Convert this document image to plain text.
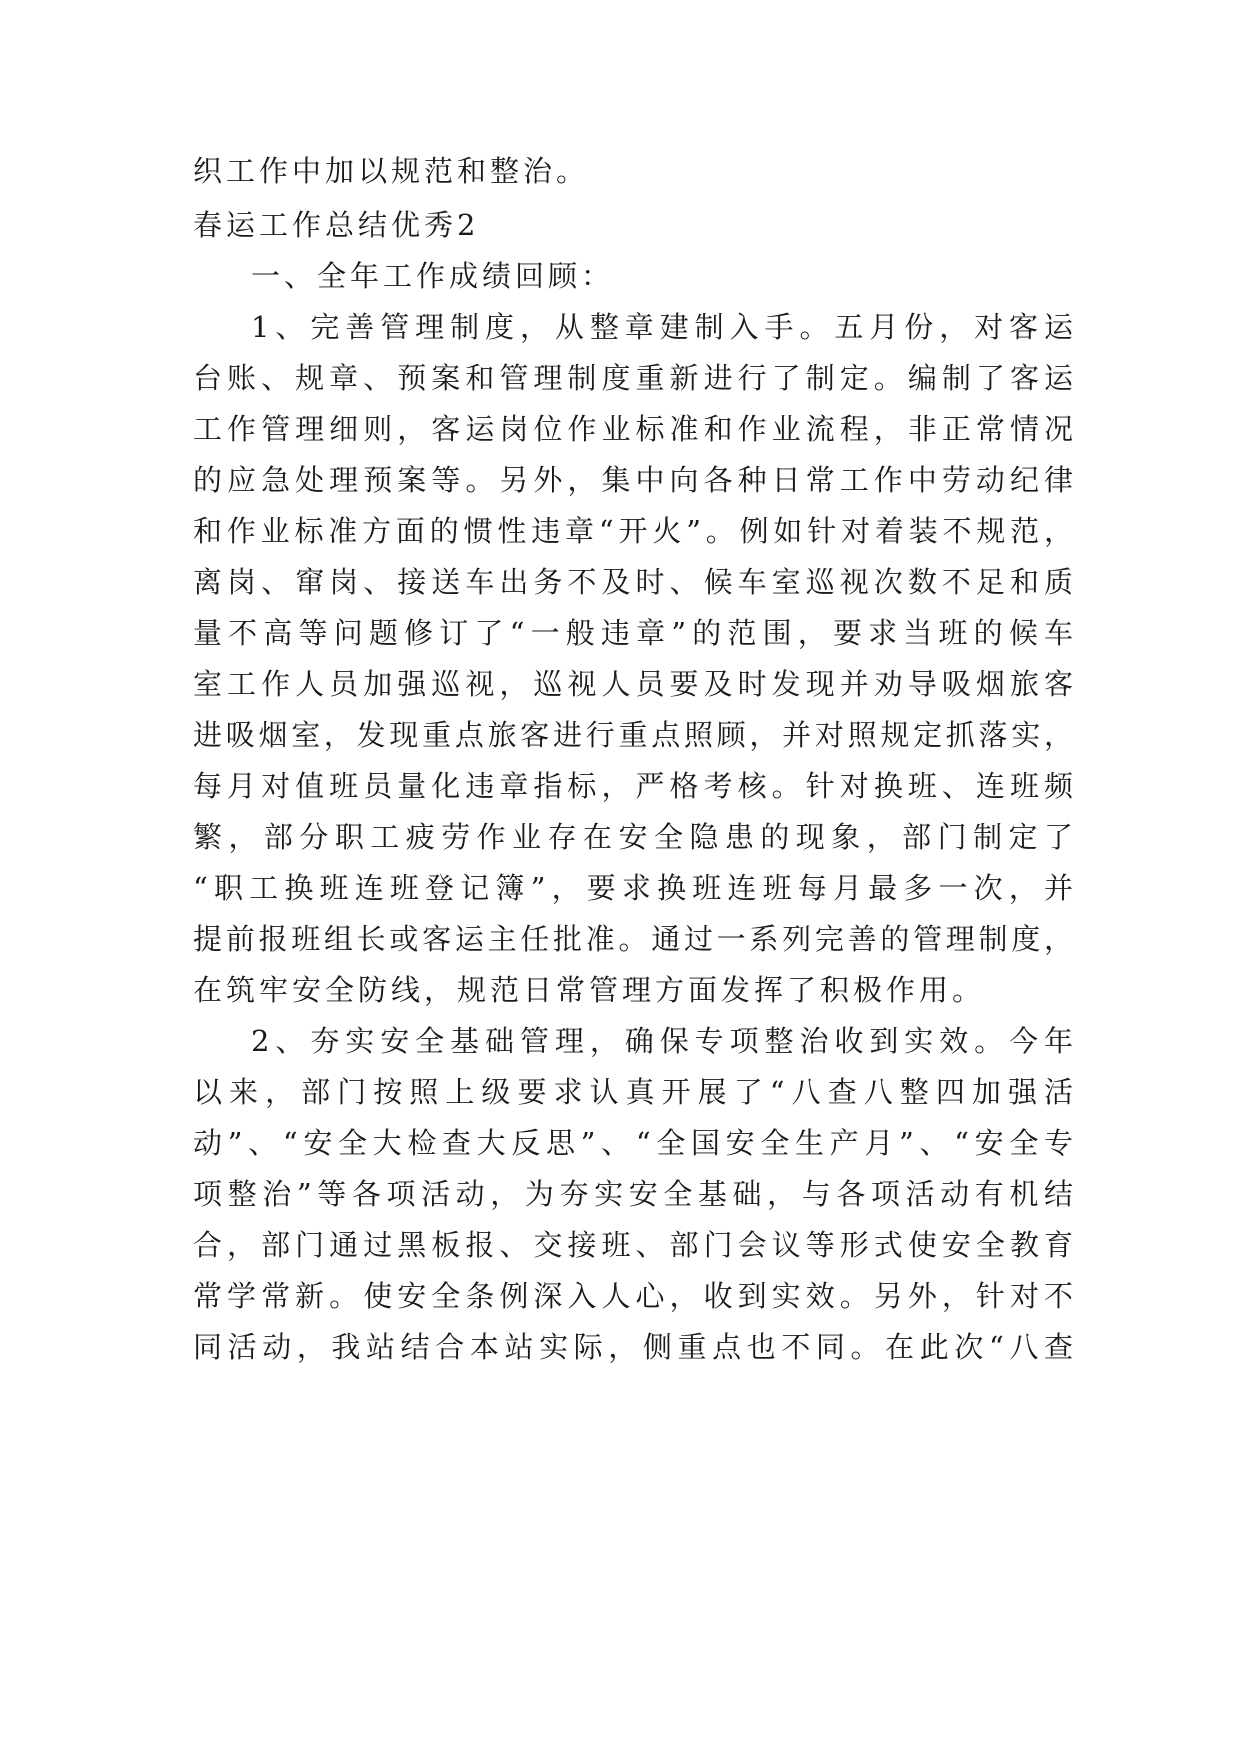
织工作中加以规范和整治。
春运工作总结优秀2
一、全年工作成绩回顾：
1、完善管理制度，从整章建制入手。五月份，对客运
台账、规章、预案和管理制度重新进行了制定。编制了客运
工作管理细则，客运岗位作业标准和作业流程，非正常情况
的应急处理预案等。另外，集中向各种日常工作中劳动纪律
和作业标准方面的惯性违章“开火”。例如针对着装不规范，
离岗、窜岗、接送车出务不及时、候车室巡视次数不足和质
量不高等问题修订了“一般违章”的范围，要求当班的候车
室工作人员加强巡视，巡视人员要及时发现并劝导吸烟旅客
进吸烟室，发现重点旅客进行重点照顾，并对照规定抓落实，
每月对值班员量化违章指标，严格考核。针对换班、连班频
繁，部分职工疲劳作业存在安全隐患的现象，部门制定了
“职工换班连班登记簿”，要求换班连班每月最多一次，并
提前报班组长或客运主任批准。通过一系列完善的管理制度，
在筑牢安全防线，规范日常管理方面发挥了积极作用。
2、夯实安全基础管理，确保专项整治收到实效。今年
以来，部门按照上级要求认真开展了“八查八整四加强活
动”、“安全大检查大反思”、“全国安全生产月”、“安全专
项整治”等各项活动，为夯实安全基础，与各项活动有机结
合，部门通过黑板报、交接班、部门会议等形式使安全教育
常学常新。使安全条例深入人心，收到实效。另外，针对不
同活动，我站结合本站实际，侧重点也不同。在此次“八查
